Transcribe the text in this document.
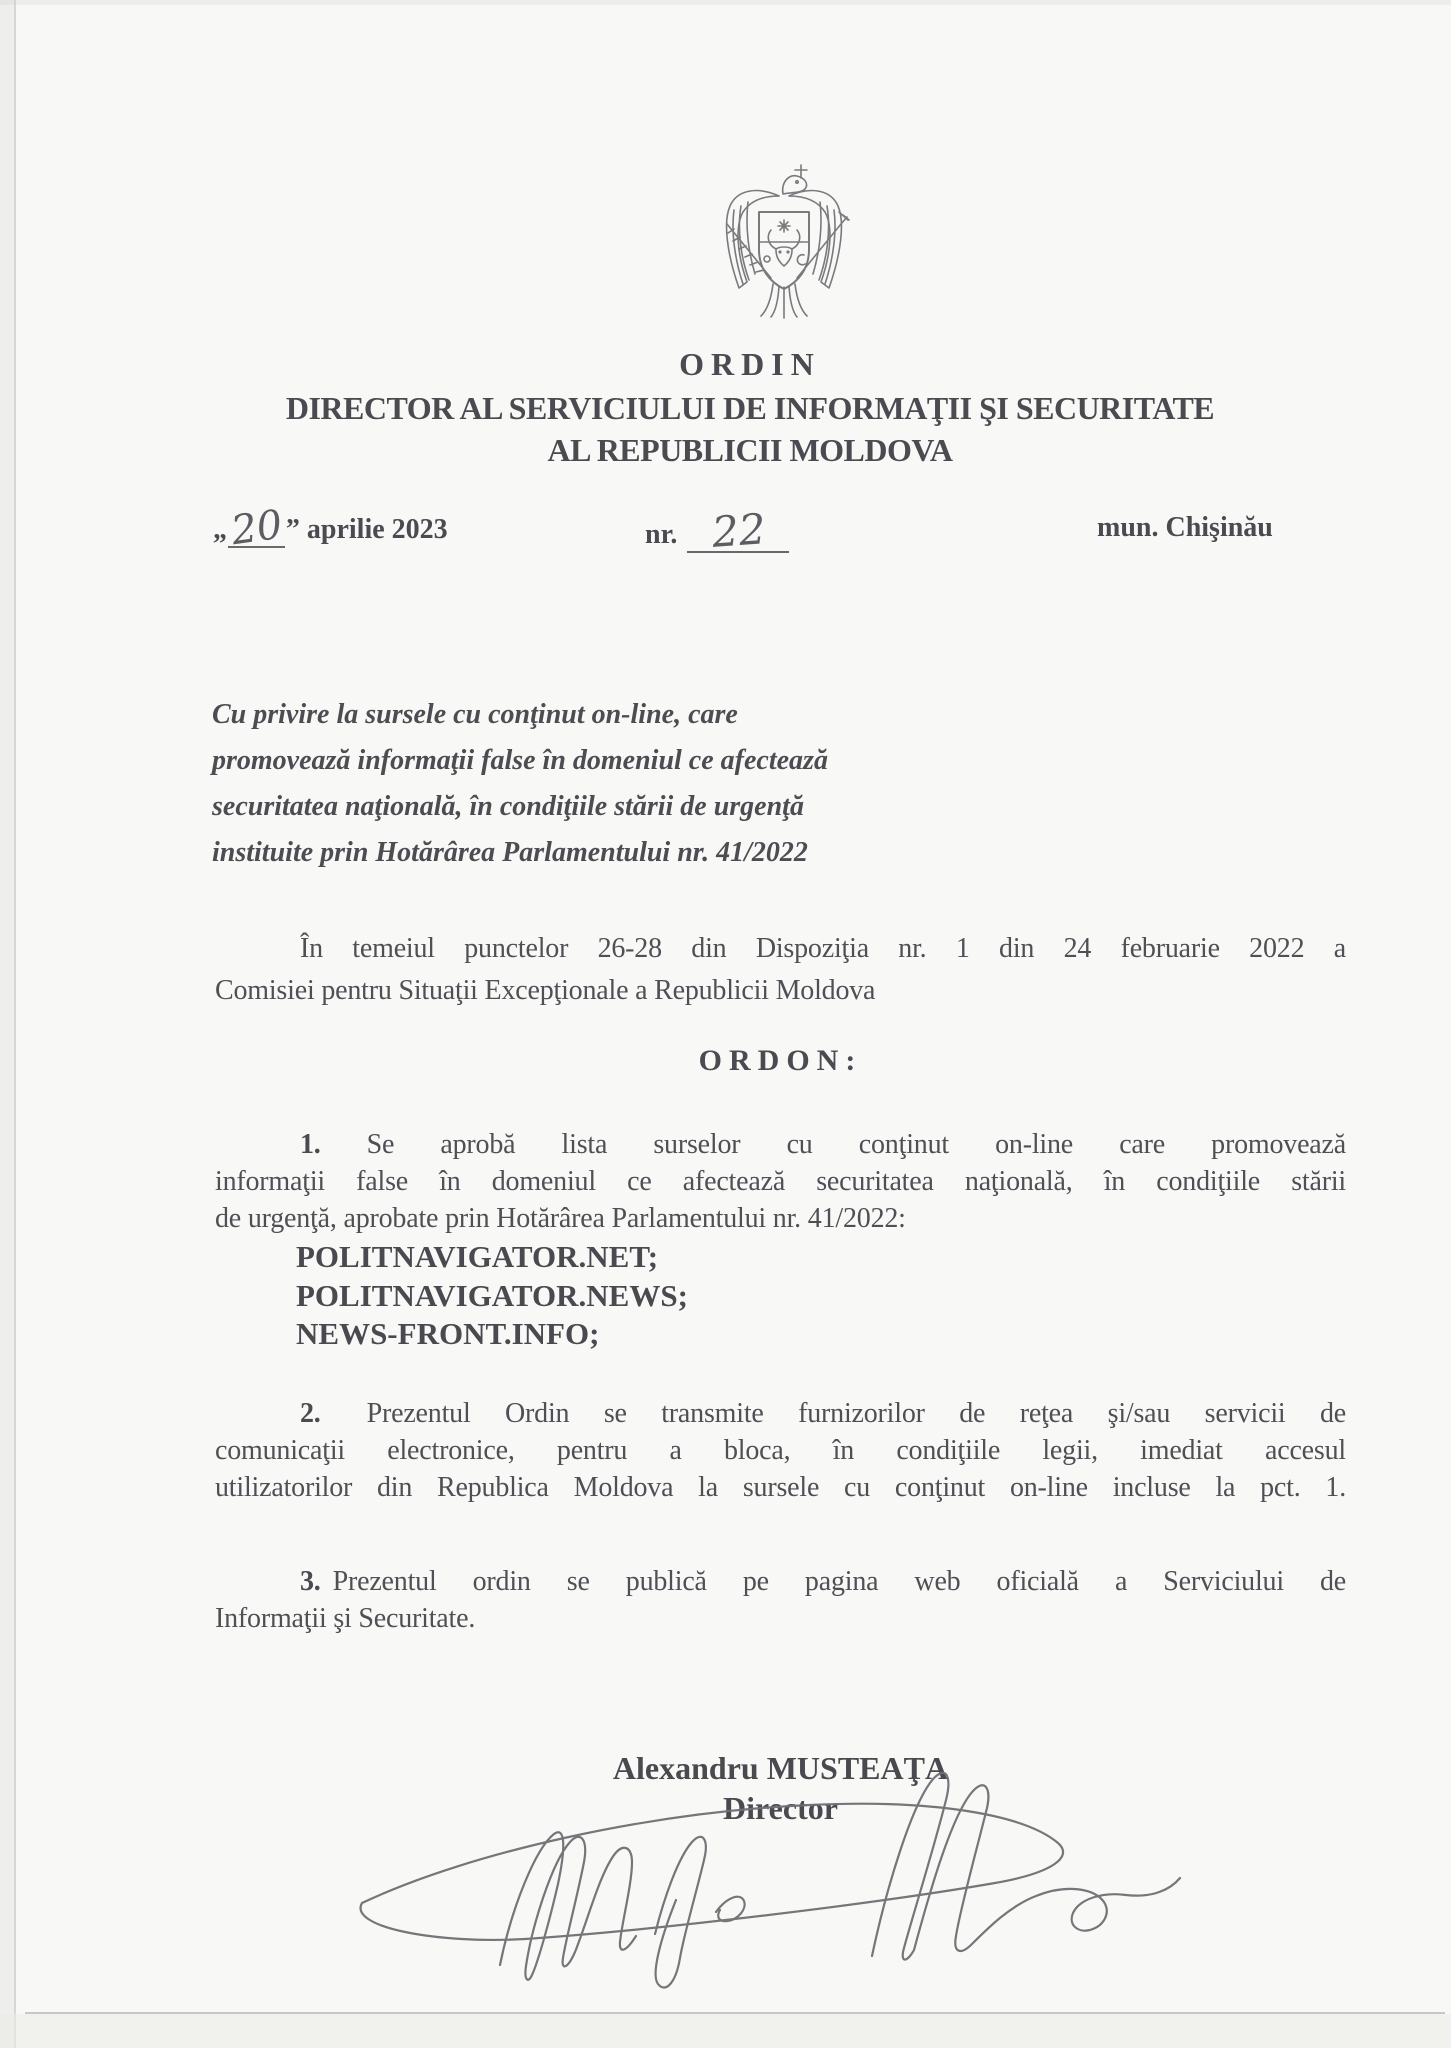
ORDIN
DIRECTOR AL SERVICIULUI DE INFORMAŢII ŞI SECURITATE
AL REPUBLICII MOLDOVA
„20” aprilie 2023	nr. 22	mun. Chişinău
Cu privire la sursele cu conţinut on-line, care
promovează informaţii false în domeniul ce afectează
securitatea naţională, în condiţiile stării de urgenţă
instituite prin Hotărârea Parlamentului nr. 41/2022
În temeiul punctelor 26-28 din Dispoziţia nr. 1 din 24 februarie 2022 a
Comisiei pentru Situaţii Excepţionale a Republicii Moldova
ORDON:
1. Se aprobă lista surselor cu conţinut on-line care promovează
informaţii false în domeniul ce afectează securitatea naţională, în condiţiile stării
de urgenţă, aprobate prin Hotărârea Parlamentului nr. 41/2022:
POLITNAVIGATOR.NET;
POLITNAVIGATOR.NEWS;
NEWS-FRONT.INFO;
2. Prezentul Ordin se transmite furnizorilor de reţea şi/sau servicii de
comunicaţii electronice, pentru a bloca, în condiţiile legii, imediat accesul
utilizatorilor din Republica Moldova la sursele cu conţinut on-line incluse la pct. 1.
3. Prezentul ordin se publică pe pagina web oficială a Serviciului de
Informaţii şi Securitate.
Alexandru MUSTEAŢA
Director
